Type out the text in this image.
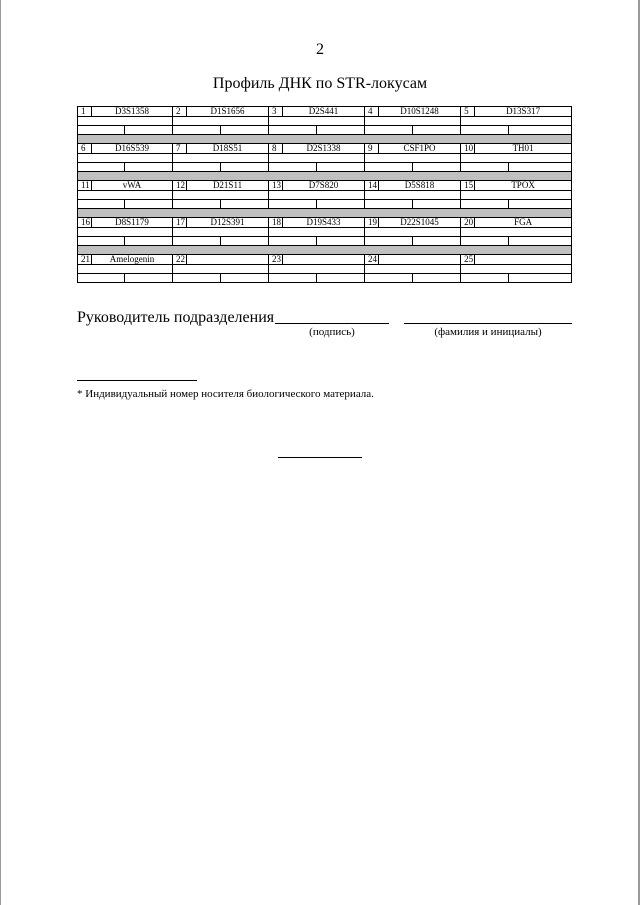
2
Профиль ДНК по STR-локусам
1	D3S1358		2	D1S1656		3	D2S441		4	D10S1248		5	D13S317	

6	D16S539		7	D18S51		8	D2S1338		9	CSF1PO		10	TH01	

11	vWA		12	D21S11		13	D7S820		14	D5S818		15	TPOX	

16	D8S1179		17	D12S391		18	D19S433		19	D22S1045		20	FGA	

21	Amelogenin		22			23			24			25		

Руководитель подразделения
(подпись)	(фамилия и инициалы)
* Индивидуальный номер носителя биологического материала.
